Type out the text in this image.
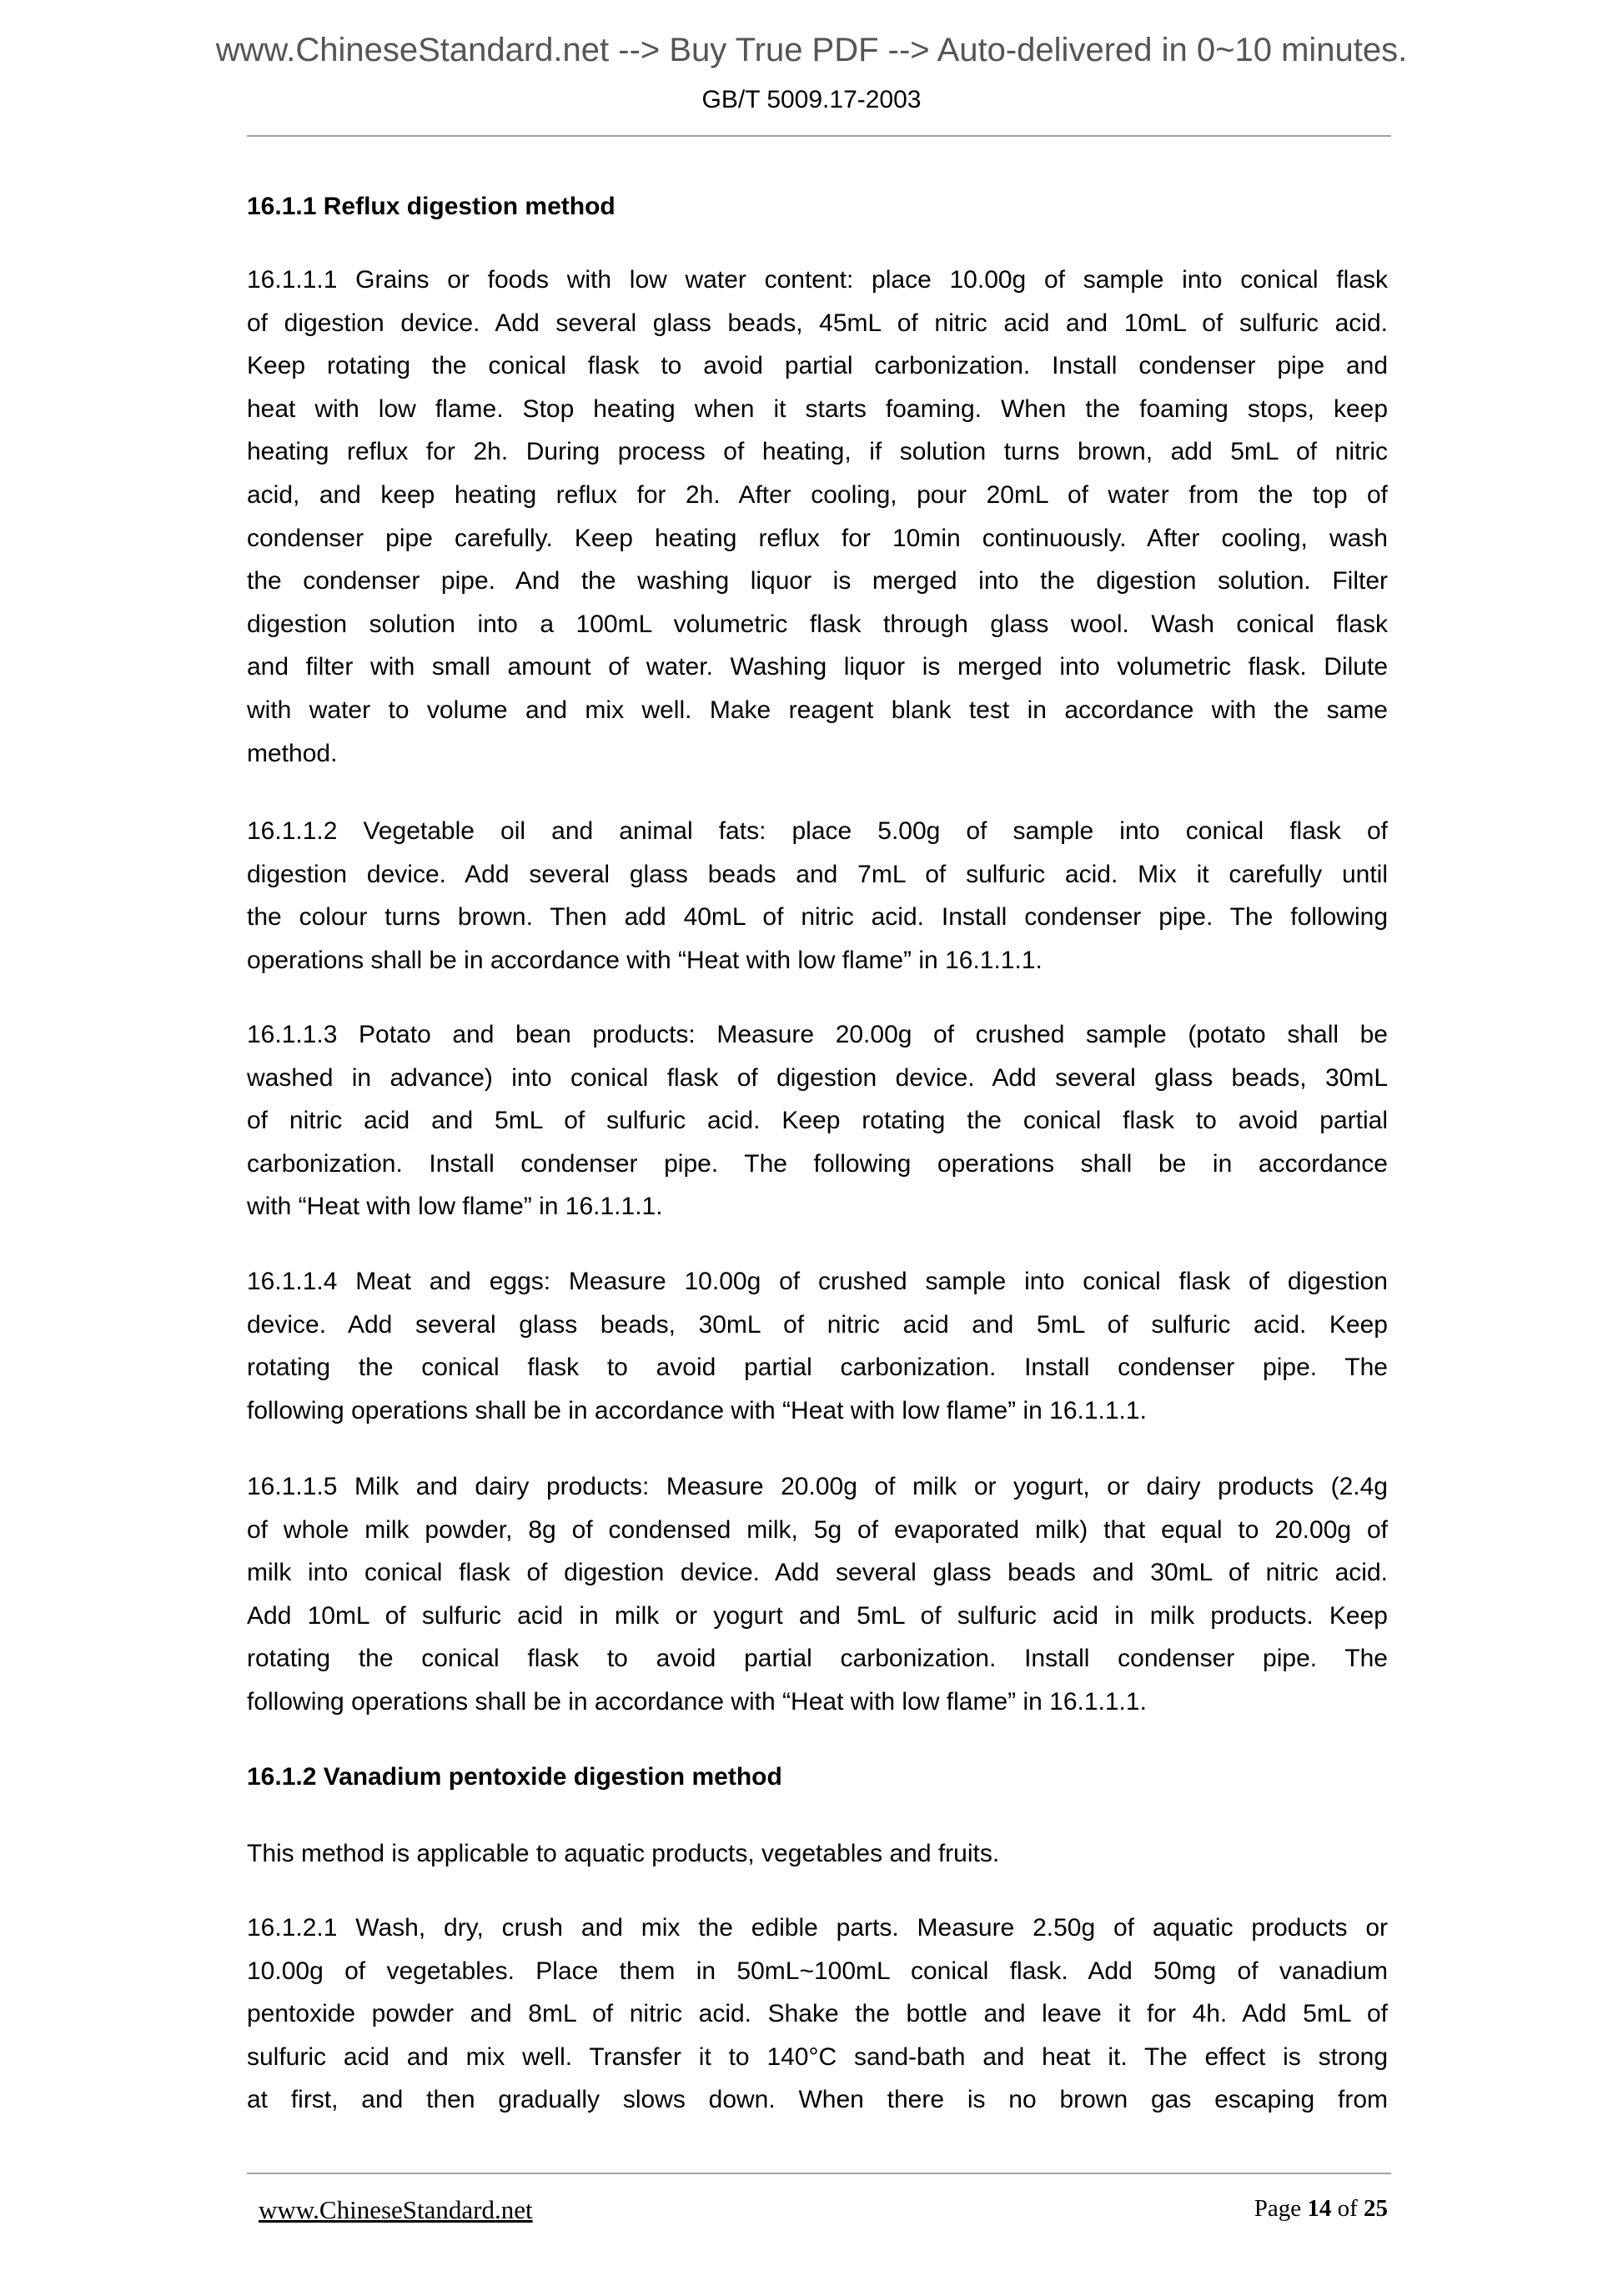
www.ChineseStandard.net --> Buy True PDF --> Auto-delivered in 0~10 minutes.
GB/T 5009.17-2003
16.1.1 Reflux digestion method
16.1.1.1 Grains or foods with low water content: place 10.00g of sample into conical flask
of digestion device. Add several glass beads, 45mL of nitric acid and 10mL of sulfuric acid.
Keep rotating the conical flask to avoid partial carbonization. Install condenser pipe and
heat with low flame. Stop heating when it starts foaming. When the foaming stops, keep
heating reflux for 2h. During process of heating, if solution turns brown, add 5mL of nitric
acid, and keep heating reflux for 2h. After cooling, pour 20mL of water from the top of
condenser pipe carefully. Keep heating reflux for 10min continuously. After cooling, wash
the condenser pipe. And the washing liquor is merged into the digestion solution. Filter
digestion solution into a 100mL volumetric flask through glass wool. Wash conical flask
and filter with small amount of water. Washing liquor is merged into volumetric flask. Dilute
with water to volume and mix well. Make reagent blank test in accordance with the same
method.
16.1.1.2 Vegetable oil and animal fats: place 5.00g of sample into conical flask of
digestion device. Add several glass beads and 7mL of sulfuric acid. Mix it carefully until
the colour turns brown. Then add 40mL of nitric acid. Install condenser pipe. The following
operations shall be in accordance with “Heat with low flame” in 16.1.1.1.
16.1.1.3 Potato and bean products: Measure 20.00g of crushed sample (potato shall be
washed in advance) into conical flask of digestion device. Add several glass beads, 30mL
of nitric acid and 5mL of sulfuric acid. Keep rotating the conical flask to avoid partial
carbonization. Install condenser pipe. The following operations shall be in accordance
with “Heat with low flame” in 16.1.1.1.
16.1.1.4 Meat and eggs: Measure 10.00g of crushed sample into conical flask of digestion
device. Add several glass beads, 30mL of nitric acid and 5mL of sulfuric acid. Keep
rotating the conical flask to avoid partial carbonization. Install condenser pipe. The
following operations shall be in accordance with “Heat with low flame” in 16.1.1.1.
16.1.1.5 Milk and dairy products: Measure 20.00g of milk or yogurt, or dairy products (2.4g
of whole milk powder, 8g of condensed milk, 5g of evaporated milk) that equal to 20.00g of
milk into conical flask of digestion device. Add several glass beads and 30mL of nitric acid.
Add 10mL of sulfuric acid in milk or yogurt and 5mL of sulfuric acid in milk products. Keep
rotating the conical flask to avoid partial carbonization. Install condenser pipe. The
following operations shall be in accordance with “Heat with low flame” in 16.1.1.1.
16.1.2 Vanadium pentoxide digestion method
This method is applicable to aquatic products, vegetables and fruits.
16.1.2.1 Wash, dry, crush and mix the edible parts. Measure 2.50g of aquatic products or
10.00g of vegetables. Place them in 50mL~100mL conical flask. Add 50mg of vanadium
pentoxide powder and 8mL of nitric acid. Shake the bottle and leave it for 4h. Add 5mL of
sulfuric acid and mix well. Transfer it to 140°C sand-bath and heat it. The effect is strong
at first, and then gradually slows down. When there is no brown gas escaping from
www.ChineseStandard.net	Page 14 of 25
